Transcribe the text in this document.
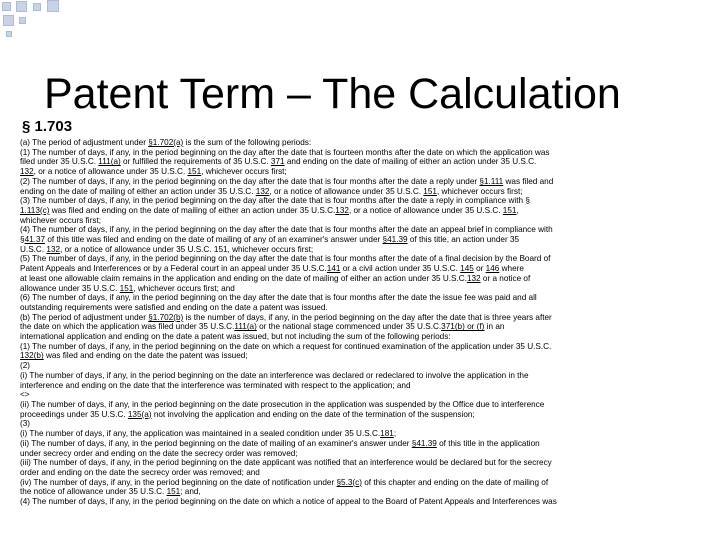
Patent Term – The Calculation
§ 1.703
(a) The period of adjustment under §1.702(a) is the sum of the following periods:
(1) The number of days, if any, in the period beginning on the day after the date that is fourteen months after the date on which the application was
filed under 35 U.S.C. 111(a) or fulfilled the requirements of 35 U.S.C. 371 and ending on the date of mailing of either an action under 35 U.S.C.
132, or a notice of allowance under 35 U.S.C. 151, whichever occurs first;
(2) The number of days, if any, in the period beginning on the day after the date that is four months after the date a reply under §1.111 was filed and
ending on the date of mailing of either an action under 35 U.S.C. 132, or a notice of allowance under 35 U.S.C. 151, whichever occurs first;
(3) The number of days, if any, in the period beginning on the day after the date that is four months after the date a reply in compliance with §
1.113(c) was filed and ending on the date of mailing of either an action under 35 U.S.C.132, or a notice of allowance under 35 U.S.C. 151,
whichever occurs first;
(4) The number of days, if any, in the period beginning on the day after the date that is four months after the date an appeal brief in compliance with
§41.37 of this title was filed and ending on the date of mailing of any of an examiner's answer under §41.39 of this title, an action under 35
U.S.C. 132, or a notice of allowance under 35 U.S.C. 151, whichever occurs first;
(5) The number of days, if any, in the period beginning on the day after the date that is four months after the date of a final decision by the Board of
Patent Appeals and Interferences or by a Federal court in an appeal under 35 U.S.C.141 or a civil action under 35 U.S.C. 145 or 146 where
at least one allowable claim remains in the application and ending on the date of mailing of either an action under 35 U.S.C.132 or a notice of
allowance under 35 U.S.C. 151, whichever occurs first; and
(6) The number of days, if any, in the period beginning on the day after the date that is four months after the date the issue fee was paid and all
outstanding requirements were satisfied and ending on the date a patent was issued.
(b) The period of adjustment under §1.702(b) is the number of days, if any, in the period beginning on the day after the date that is three years after
the date on which the application was filed under 35 U.S.C.111(a) or the national stage commenced under 35 U.S.C.371(b) or (f) in an
international application and ending on the date a patent was issued, but not including the sum of the following periods:
(1) The number of days, if any, in the period beginning on the date on which a request for continued examination of the application under 35 U.S.C.
132(b) was filed and ending on the date the patent was issued;
(2)
(i) The number of days, if any, in the period beginning on the date an interference was declared or redeclared to involve the application in the
interference and ending on the date that the interference was terminated with respect to the application; and
<>
(ii) The number of days, if any, in the period beginning on the date prosecution in the application was suspended by the Office due to interference
proceedings under 35 U.S.C. 135(a) not involving the application and ending on the date of the termination of the suspension;
(3)
(i) The number of days, if any, the application was maintained in a sealed condition under 35 U.S.C.181;
(ii) The number of days, if any, in the period beginning on the date of mailing of an examiner's answer under §41.39 of this title in the application
under secrecy order and ending on the date the secrecy order was removed;
(iii) The number of days, if any, in the period beginning on the date applicant was notified that an interference would be declared but for the secrecy
order and ending on the date the secrecy order was removed; and
(iv) The number of days, if any, in the period beginning on the date of notification under §5.3(c) of this chapter and ending on the date of mailing of
the notice of allowance under 35 U.S.C. 151; and,
(4) The number of days, if any, in the period beginning on the date on which a notice of appeal to the Board of Patent Appeals and Interferences was
